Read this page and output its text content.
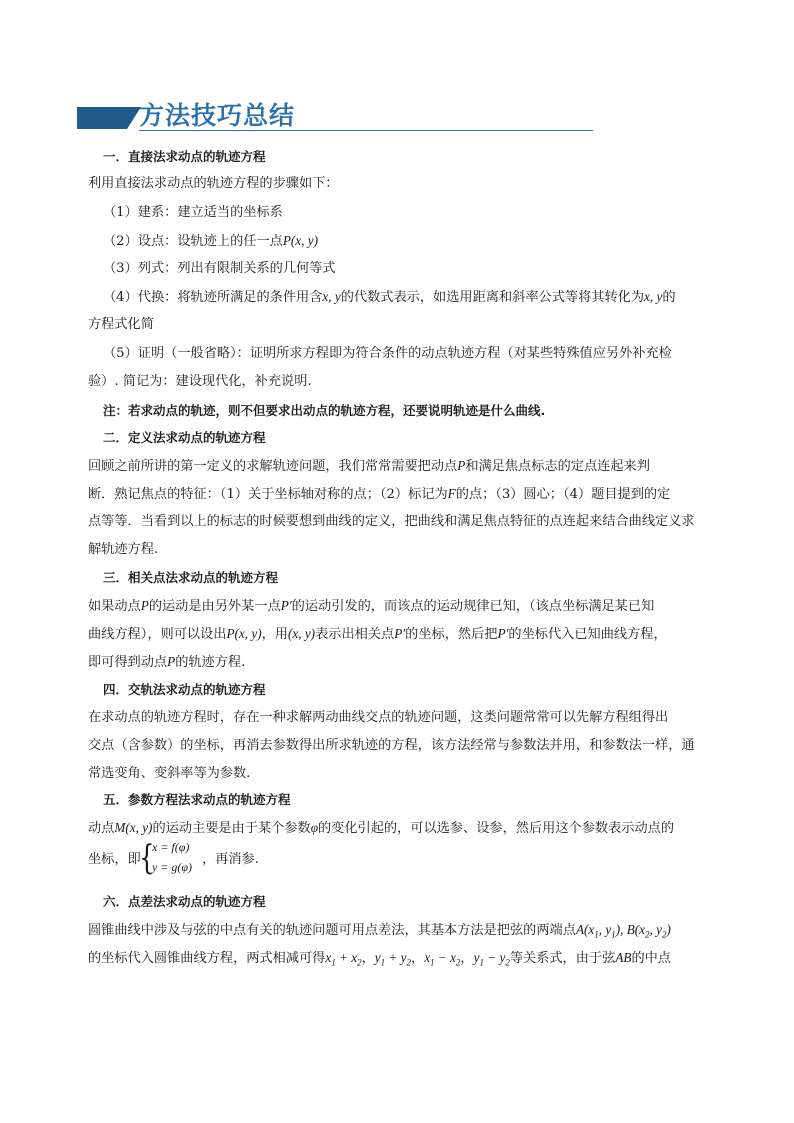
方法技巧总结
一．直接法求动点的轨迹方程
利用直接法求动点的轨迹方程的步骤如下：
（1）建系：建立适当的坐标系
（2）设点：设轨迹上的任一点P(x, y)
（3）列式：列出有限制关系的几何等式
（4）代换：将轨迹所满足的条件用含x, y的代数式表示，如选用距离和斜率公式等将其转化为x, y的
方程式化简
（5）证明（一般省略）：证明所求方程即为符合条件的动点轨迹方程（对某些特殊值应另外补充检
验）. 简记为：建设现代化，补充说明.
注：若求动点的轨迹，则不但要求出动点的轨迹方程，还要说明轨迹是什么曲线.
二．定义法求动点的轨迹方程
回顾之前所讲的第一定义的求解轨迹问题，我们常常需要把动点P和满足焦点标志的定点连起来判
断．熟记焦点的特征：（1）关于坐标轴对称的点；（2）标记为F的点；（3）圆心；（4）题目提到的定
点等等．当看到以上的标志的时候要想到曲线的定义，把曲线和满足焦点特征的点连起来结合曲线定义求
解轨迹方程.
三．相关点法求动点的轨迹方程
如果动点P的运动是由另外某一点P′的运动引发的，而该点的运动规律已知，（该点坐标满足某已知
曲线方程），则可以设出P(x, y)，用(x, y)表示出相关点P′的坐标，然后把P′的坐标代入已知曲线方程，
即可得到动点P的轨迹方程.
四．交轨法求动点的轨迹方程
在求动点的轨迹方程时，存在一种求解两动曲线交点的轨迹问题，这类问题常常可以先解方程组得出
交点（含参数）的坐标，再消去参数得出所求轨迹的方程，该方法经常与参数法并用，和参数法一样，通
常选变角、变斜率等为参数.
五．参数方程法求动点的轨迹方程
动点M(x, y)的运动主要是由于某个参数φ的变化引起的，可以选参、设参，然后用这个参数表示动点的
坐标，即
{
x = f(φ)
y = g(φ) ，再消参.
六．点差法求动点的轨迹方程
圆锥曲线中涉及与弦的中点有关的轨迹问题可用点差法，其基本方法是把弦的两端点$A(x_1$, $y_1$), $B(x_2$, $y_2$)
的坐标代入圆锥曲线方程，两式相减可得$x_1 + x_2$，$y_1 + y_2$，$x_1 - x_2$，$y_1 - y_2$等关系式，由于弦AB的中点
